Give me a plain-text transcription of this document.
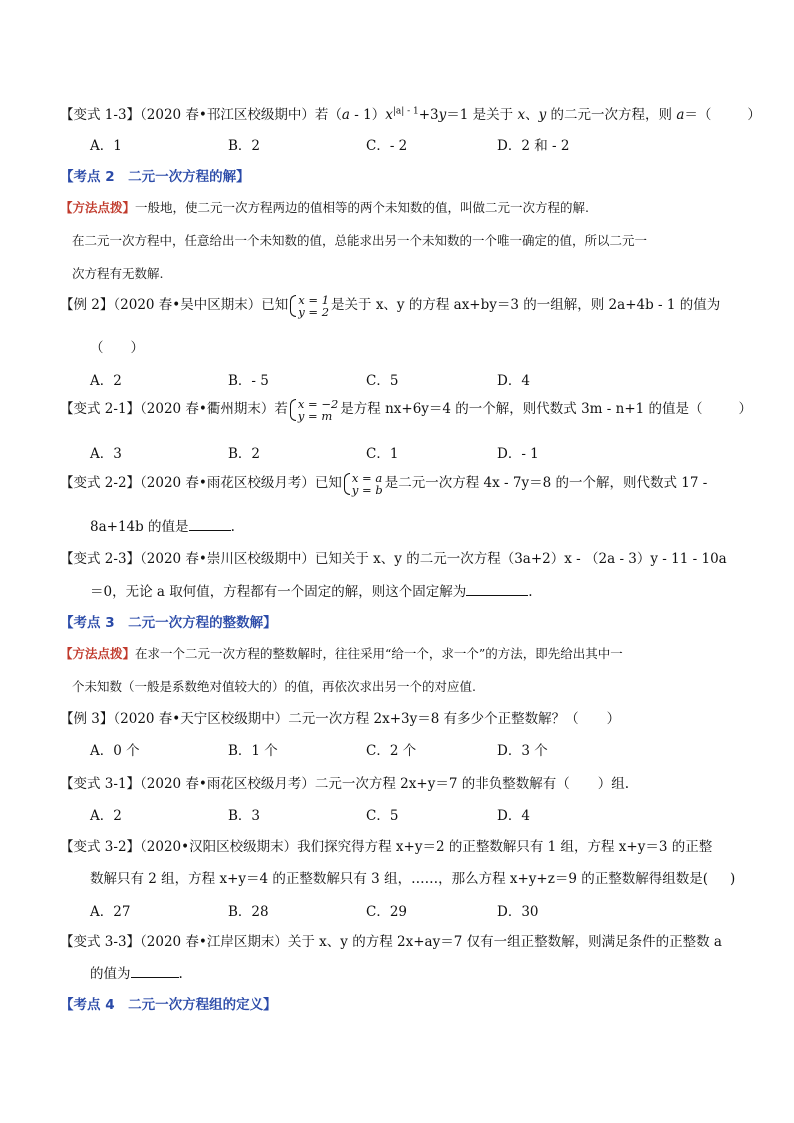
【变式 1-3】（2020 春•邗江区校级期中）若$(a - 1)x^{|a| - 1}+3y=1$ 是关于 x、y 的二元一次方程，则 a＝（	）
A．1	B．2	C．- 2	D．2 和 - 2
【考点 2　二元一次方程的解】
【方法点拨】一般地，使二元一次方程两边的值相等的两个未知数的值，叫做二元一次方程的解.
在二元一次方程中，任意给出一个未知数的值，总能求出另一个未知数的一个唯一确定的值，所以二元一
次方程有无数解.
【例 2】（2020 春•吴中区期末）已知 x = 1
y = 2 是关于 x、y 的方程 ax+by＝3 的一组解，则 2a+4b - 1 的值为
（　　）
A．2	B．- 5	C．5	D．4
【变式 2-1】（2020 春•衢州期末）若 x = −2
y = m 是方程 nx+6y＝4 的一个解，则代数式 3m - n+1 的值是（	）
A．3	B．2	C．1	D．- 1
【变式 2-2】（2020 春•雨花区校级月考）已知 x = a
y = b 是二元一次方程 4x - 7y＝8 的一个解，则代数式 17 -
8a+14b 的值是	.
【变式 2-3】（2020 春•崇川区校级期中）已知关于 x、y 的二元一次方程（3a+2）x - （2a - 3）y - 11 - 10a
＝0，无论 a 取何值，方程都有一个固定的解，则这个固定解为	.
【考点 3　二元一次方程的整数解】
【方法点拨】在求一个二元一次方程的整数解时，往往采用“给一个，求一个”的方法，即先给出其中一
个未知数（一般是系数绝对值较大的）的值，再依次求出另一个的对应值.
【例 3】（2020 春•天宁区校级期中）二元一次方程 2x+3y＝8 有多少个正整数解？（ ）
A．0 个	B．1 个	C．2 个	D．3 个
【变式 3-1】（2020 春•雨花区校级月考）二元一次方程 2x+y＝7 的非负整数解有（ ）组.
A．2	B．3	C．5	D．4
【变式 3-2】（2020•汉阳区校级期末）我们探究得方程 x+y＝2 的正整数解只有 1 组，方程 x+y＝3 的正整
数解只有 2 组，方程 x+y＝4 的正整数解只有 3 组，……，那么方程 x+y+z＝9 的正整数解得组数是( )
A．27	B．28	C．29	D．30
【变式 3-3】（2020 春•江岸区期末）关于 x、y 的方程 2x+ay＝7 仅有一组正整数解，则满足条件的正整数 a
的值为	.
【考点 4　二元一次方程组的定义】
